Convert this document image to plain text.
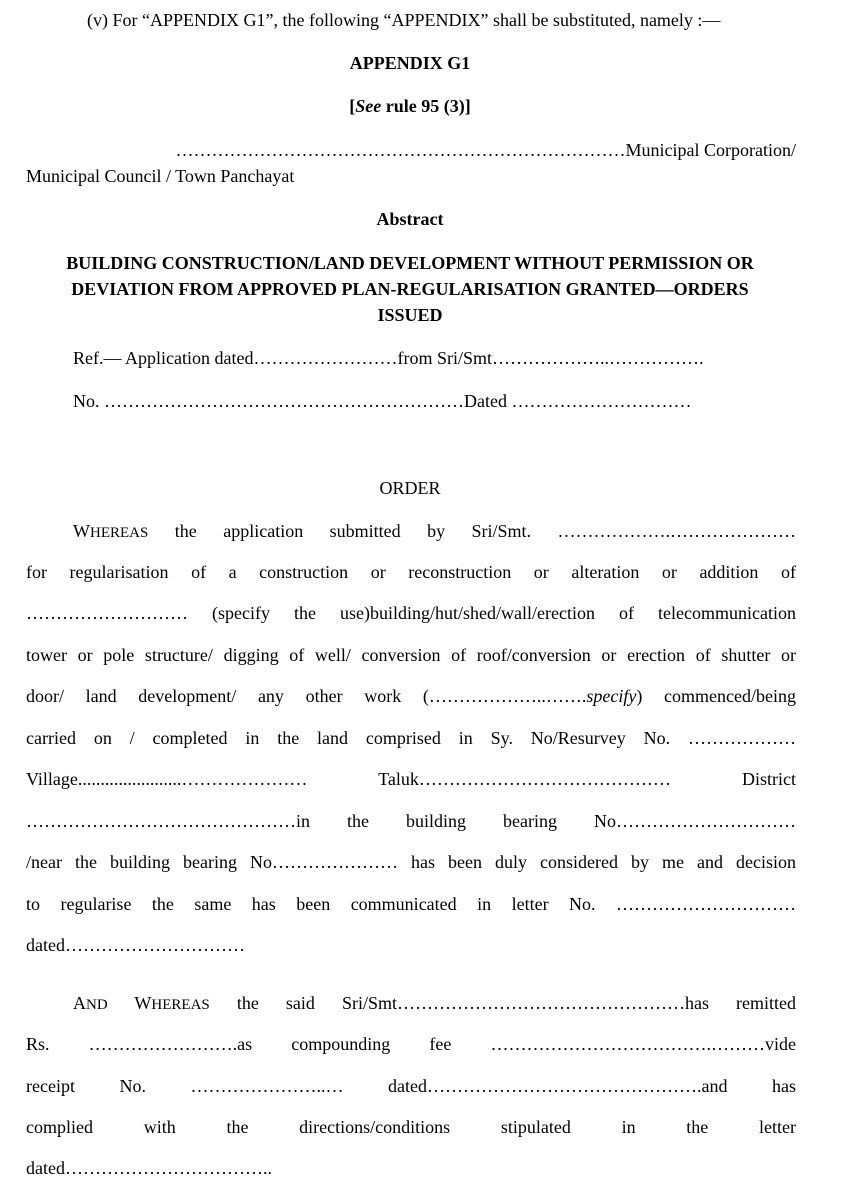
(v) For “APPENDIX G1”, the following “APPENDIX” shall be substituted, namely :—
APPENDIX G1
[See rule 95 (3)]
…………………………………………………………………Municipal Corporation/
Municipal Council / Town Panchayat
Abstract
BUILDING CONSTRUCTION/LAND DEVELOPMENT WITHOUT PERMISSION OR
DEVIATION FROM APPROVED PLAN-REGULARISATION GRANTED—ORDERS
ISSUED
Ref.— Application dated……………………from Sri/Smt………………..…………….
No. ……………………………………………………Dated …………………………
ORDER
WHEREAS the application submitted by Sri/Smt. ……………….…………………
for regularisation of a construction or reconstruction or alteration or addition of
……………………… (specify the use)building/hut/shed/wall/erection of telecommunication
tower or pole structure/ digging of well/ conversion of roof/conversion or erection of shutter or
door/ land development/ any other work (………………..…….specify) commenced/being
carried on / completed in the land comprised in Sy. No/Resurvey No. ………………
Village.......................………………… Taluk…………………………………… District
………………………………………in the building bearing No…………………………
/near the building bearing No………………… has been duly considered by me and decision
to regularise the same has been communicated in letter No. …………………………
dated…………………………
AND WHEREAS the said Sri/Smt…………………………………………has remitted
Rs. …………………….as compounding fee ……………………………….………vide
receipt No. …………………..… dated……………………………………….and has
complied with the directions/conditions stipulated in the letter
dated……………………………..
